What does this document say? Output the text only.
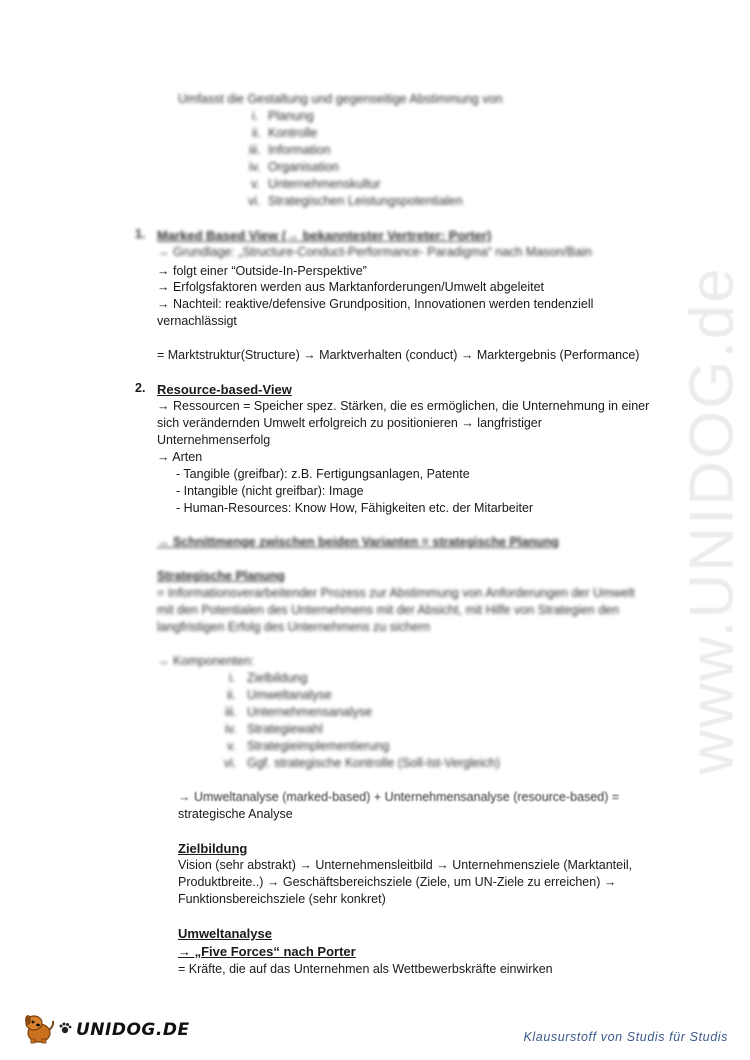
www.UNIDOG.de
Umfasst die Gestaltung und gegenseitige Abstimmung von
i. Planung
ii. Kontrolle
iii. Information
iv. Organisation
v. Unternehmenskultur
vi. Strategischen Leistungspotentialen
1. Marked Based View (→ bekanntester Vertreter: Porter)
→ Grundlage: „Structure-Conduct-Performance- Paradigma“ nach Mason/Bain
→ folgt einer “Outside-In-Perspektive”
→ Erfolgsfaktoren werden aus Marktanforderungen/Umwelt abgeleitet
→ Nachteil: reaktive/defensive Grundposition, Innovationen werden tendenziell
vernachlässigt
= Marktstruktur(Structure) → Marktverhalten (conduct) → Marktergebnis (Performance)
2. Resource-based-View
→ Ressourcen = Speicher spez. Stärken, die es ermöglichen, die Unternehmung in einer
sich verändernden Umwelt erfolgreich zu positionieren → langfristiger
Unternehmenserfolg
→ Arten
- Tangible (greifbar): z.B. Fertigungsanlagen, Patente
- Intangible (nicht greifbar): Image
- Human-Resources: Know How, Fähigkeiten etc. der Mitarbeiter
→ Schnittmenge zwischen beiden Varianten = strategische Planung
Strategische Planung
= Informationsverarbeitender Prozess zur Abstimmung von Anforderungen der Umwelt
mit den Potentialen des Unternehmens mit der Absicht, mit Hilfe von Strategien den
langfristigen Erfolg des Unternehmens zu sichern
→ Komponenten:
i. Zielbildung
ii. Umweltanalyse
iii. Unternehmensanalyse
iv. Strategiewahl
v. Strategieimplementierung
vi. Ggf. strategische Kontrolle (Soll-Ist-Vergleich)
→ Umweltanalyse (marked-based) + Unternehmensanalyse (resource-based) =
strategische Analyse
Zielbildung
Vision (sehr abstrakt) → Unternehmensleitbild → Unternehmensziele (Marktanteil,
Produktbreite..) → Geschäftsbereichsziele (Ziele, um UN-Ziele zu erreichen) →
Funktionsbereichsziele (sehr konkret)
Umweltanalyse
→ „Five Forces“ nach Porter
= Kräfte, die auf das Unternehmen als Wettbewerbskräfte einwirken
UNIDOG.DE	Klausurstoff von Studis für Studis
